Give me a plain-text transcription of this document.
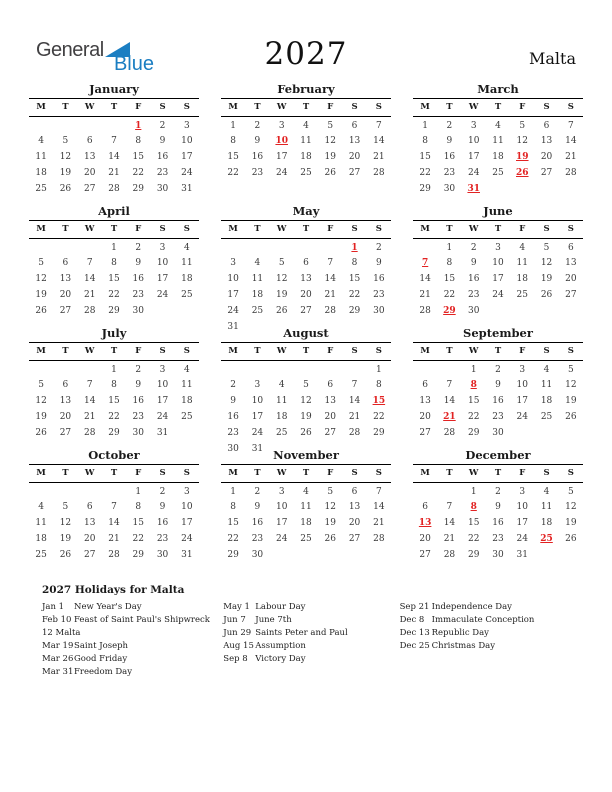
General
Blue	2027	Malta
January
M	T	W	T	F	S	S
				1	2	3
4	5	6	7	8	9	10
11	12	13	14	15	16	17
18	19	20	21	22	23	24
25	26	27	28	29	30	31
February
M	T	W	T	F	S	S
1	2	3	4	5	6	7
8	9	10	11	12	13	14
15	16	17	18	19	20	21
22	23	24	25	26	27	28
March
M	T	W	T	F	S	S
1	2	3	4	5	6	7
8	9	10	11	12	13	14
15	16	17	18	19	20	21
22	23	24	25	26	27	28
29	30	31				
April
M	T	W	T	F	S	S
			1	2	3	4
5	6	7	8	9	10	11
12	13	14	15	16	17	18
19	20	21	22	23	24	25
26	27	28	29	30		
May
M	T	W	T	F	S	S
					1	2
3	4	5	6	7	8	9
10	11	12	13	14	15	16
17	18	19	20	21	22	23
24	25	26	27	28	29	30
31						
June
M	T	W	T	F	S	S
	1	2	3	4	5	6
7	8	9	10	11	12	13
14	15	16	17	18	19	20
21	22	23	24	25	26	27
28	29	30				
July
M	T	W	T	F	S	S
			1	2	3	4
5	6	7	8	9	10	11
12	13	14	15	16	17	18
19	20	21	22	23	24	25
26	27	28	29	30	31	
August
M	T	W	T	F	S	S
						1
2	3	4	5	6	7	8
9	10	11	12	13	14	15
16	17	18	19	20	21	22
23	24	25	26	27	28	29
30	31					
September
M	T	W	T	F	S	S
		1	2	3	4	5
6	7	8	9	10	11	12
13	14	15	16	17	18	19
20	21	22	23	24	25	26
27	28	29	30			
October
M	T	W	T	F	S	S
				1	2	3
4	5	6	7	8	9	10
11	12	13	14	15	16	17
18	19	20	21	22	23	24
25	26	27	28	29	30	31
November
M	T	W	T	F	S	S
1	2	3	4	5	6	7
8	9	10	11	12	13	14
15	16	17	18	19	20	21
22	23	24	25	26	27	28
29	30					
December
M	T	W	T	F	S	S
		1	2	3	4	5
6	7	8	9	10	11	12
13	14	15	16	17	18	19
20	21	22	23	24	25	26
27	28	29	30	31		
2027 Holidays for Malta
Jan 1 New Year's Day
Feb 10 Feast of Saint Paul's Shipwreck 12 Malta
Mar 19Saint Joseph
Mar 26Good Friday
Mar 31Freedom Day
May 1 Labour Day
Jun 7 June 7th
Jun 29 Saints Peter and Paul
Aug 15Assumption
Sep 8 Victory Day
Sep 21 Independence Day
Dec 8 Immaculate Conception
Dec 13 Republic Day
Dec 25 Christmas Day
